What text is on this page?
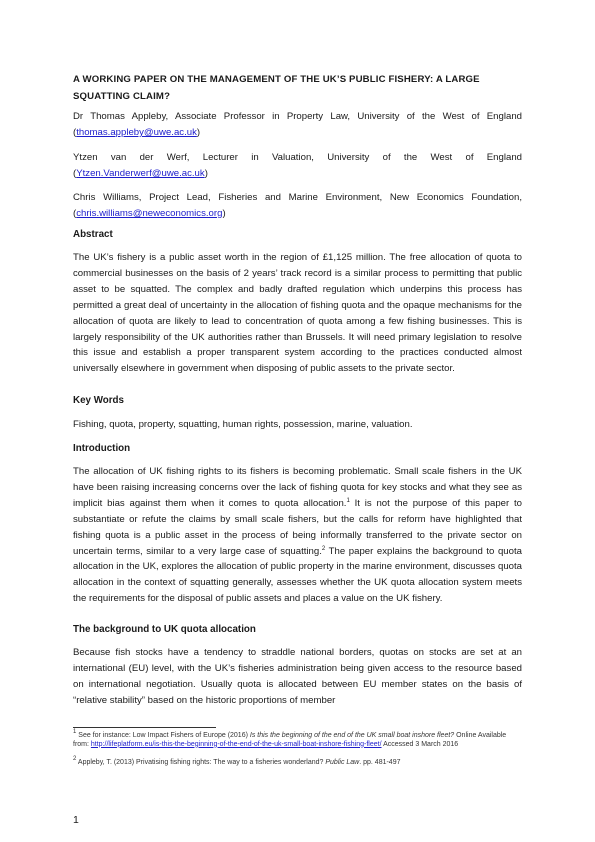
A WORKING PAPER ON THE MANAGEMENT OF THE UK’S PUBLIC FISHERY: A LARGE SQUATTING CLAIM?

Dr Thomas Appleby, Associate Professor in Property Law, University of the West of England (thomas.appleby@uwe.ac.uk)

Ytzen van der Werf, Lecturer in Valuation, University of the West of England (Ytzen.Vanderwerf@uwe.ac.uk)

Chris Williams, Project Lead, Fisheries and Marine Environment, New Economics Foundation, (chris.williams@neweconomics.org)

Abstract

The UK’s fishery is a public asset worth in the region of £1,125 million. The free allocation of quota to commercial businesses on the basis of 2 years’ track record is a similar process to permitting that public asset to be squatted. The complex and badly drafted regulation which underpins this process has permitted a great deal of uncertainty in the allocation of fishing quota and the opaque mechanisms for the allocation of quota are likely to lead to concentration of quota among a few fishing businesses. This is largely responsibility of the UK authorities rather than Brussels. It will need primary legislation to resolve this issue and establish a proper transparent system according to the practices conducted almost universally elsewhere in government when disposing of public assets to the private sector.

Key Words

Fishing, quota, property, squatting, human rights, possession, marine, valuation.

Introduction

The allocation of UK fishing rights to its fishers is becoming problematic. Small scale fishers in the UK have been raising increasing concerns over the lack of fishing quota for key stocks and what they see as implicit bias against them when it comes to quota allocation.$^1$ It is not the purpose of this paper to substantiate or refute the claims by small scale fishers, but the calls for reform have highlighted that fishing quota is a public asset in the process of being informally transferred to the private sector on uncertain terms, similar to a very large case of squatting.$^2$ The paper explains the background to quota allocation in the UK, explores the allocation of public property in the marine environment, discusses quota allocation in the context of squatting generally, assesses whether the UK quota allocation system meets the requirements for the disposal of public assets and places a value on the UK fishery.

The background to UK quota allocation

Because fish stocks have a tendency to straddle national borders, quotas on stocks are set at an international (EU) level, with the UK’s fisheries administration being given access to the resource based on international negotiation. Usually quota is allocated between EU member states on the basis of “relative stability” based on the historic proportions of member

$^1$ See for instance: Low Impact Fishers of Europe (2016) Is this the beginning of the end of the UK small boat inshore fleet? Online Available from: http://lifeplatform.eu/is-this-the-beginning-of-the-end-of-the-uk-small-boat-inshore-fishing-fleet/ Accessed 3 March 2016

$^2$ Appleby, T. (2013) Privatising fishing rights: The way to a fisheries wonderland? Public Law. pp. 481-497

1
